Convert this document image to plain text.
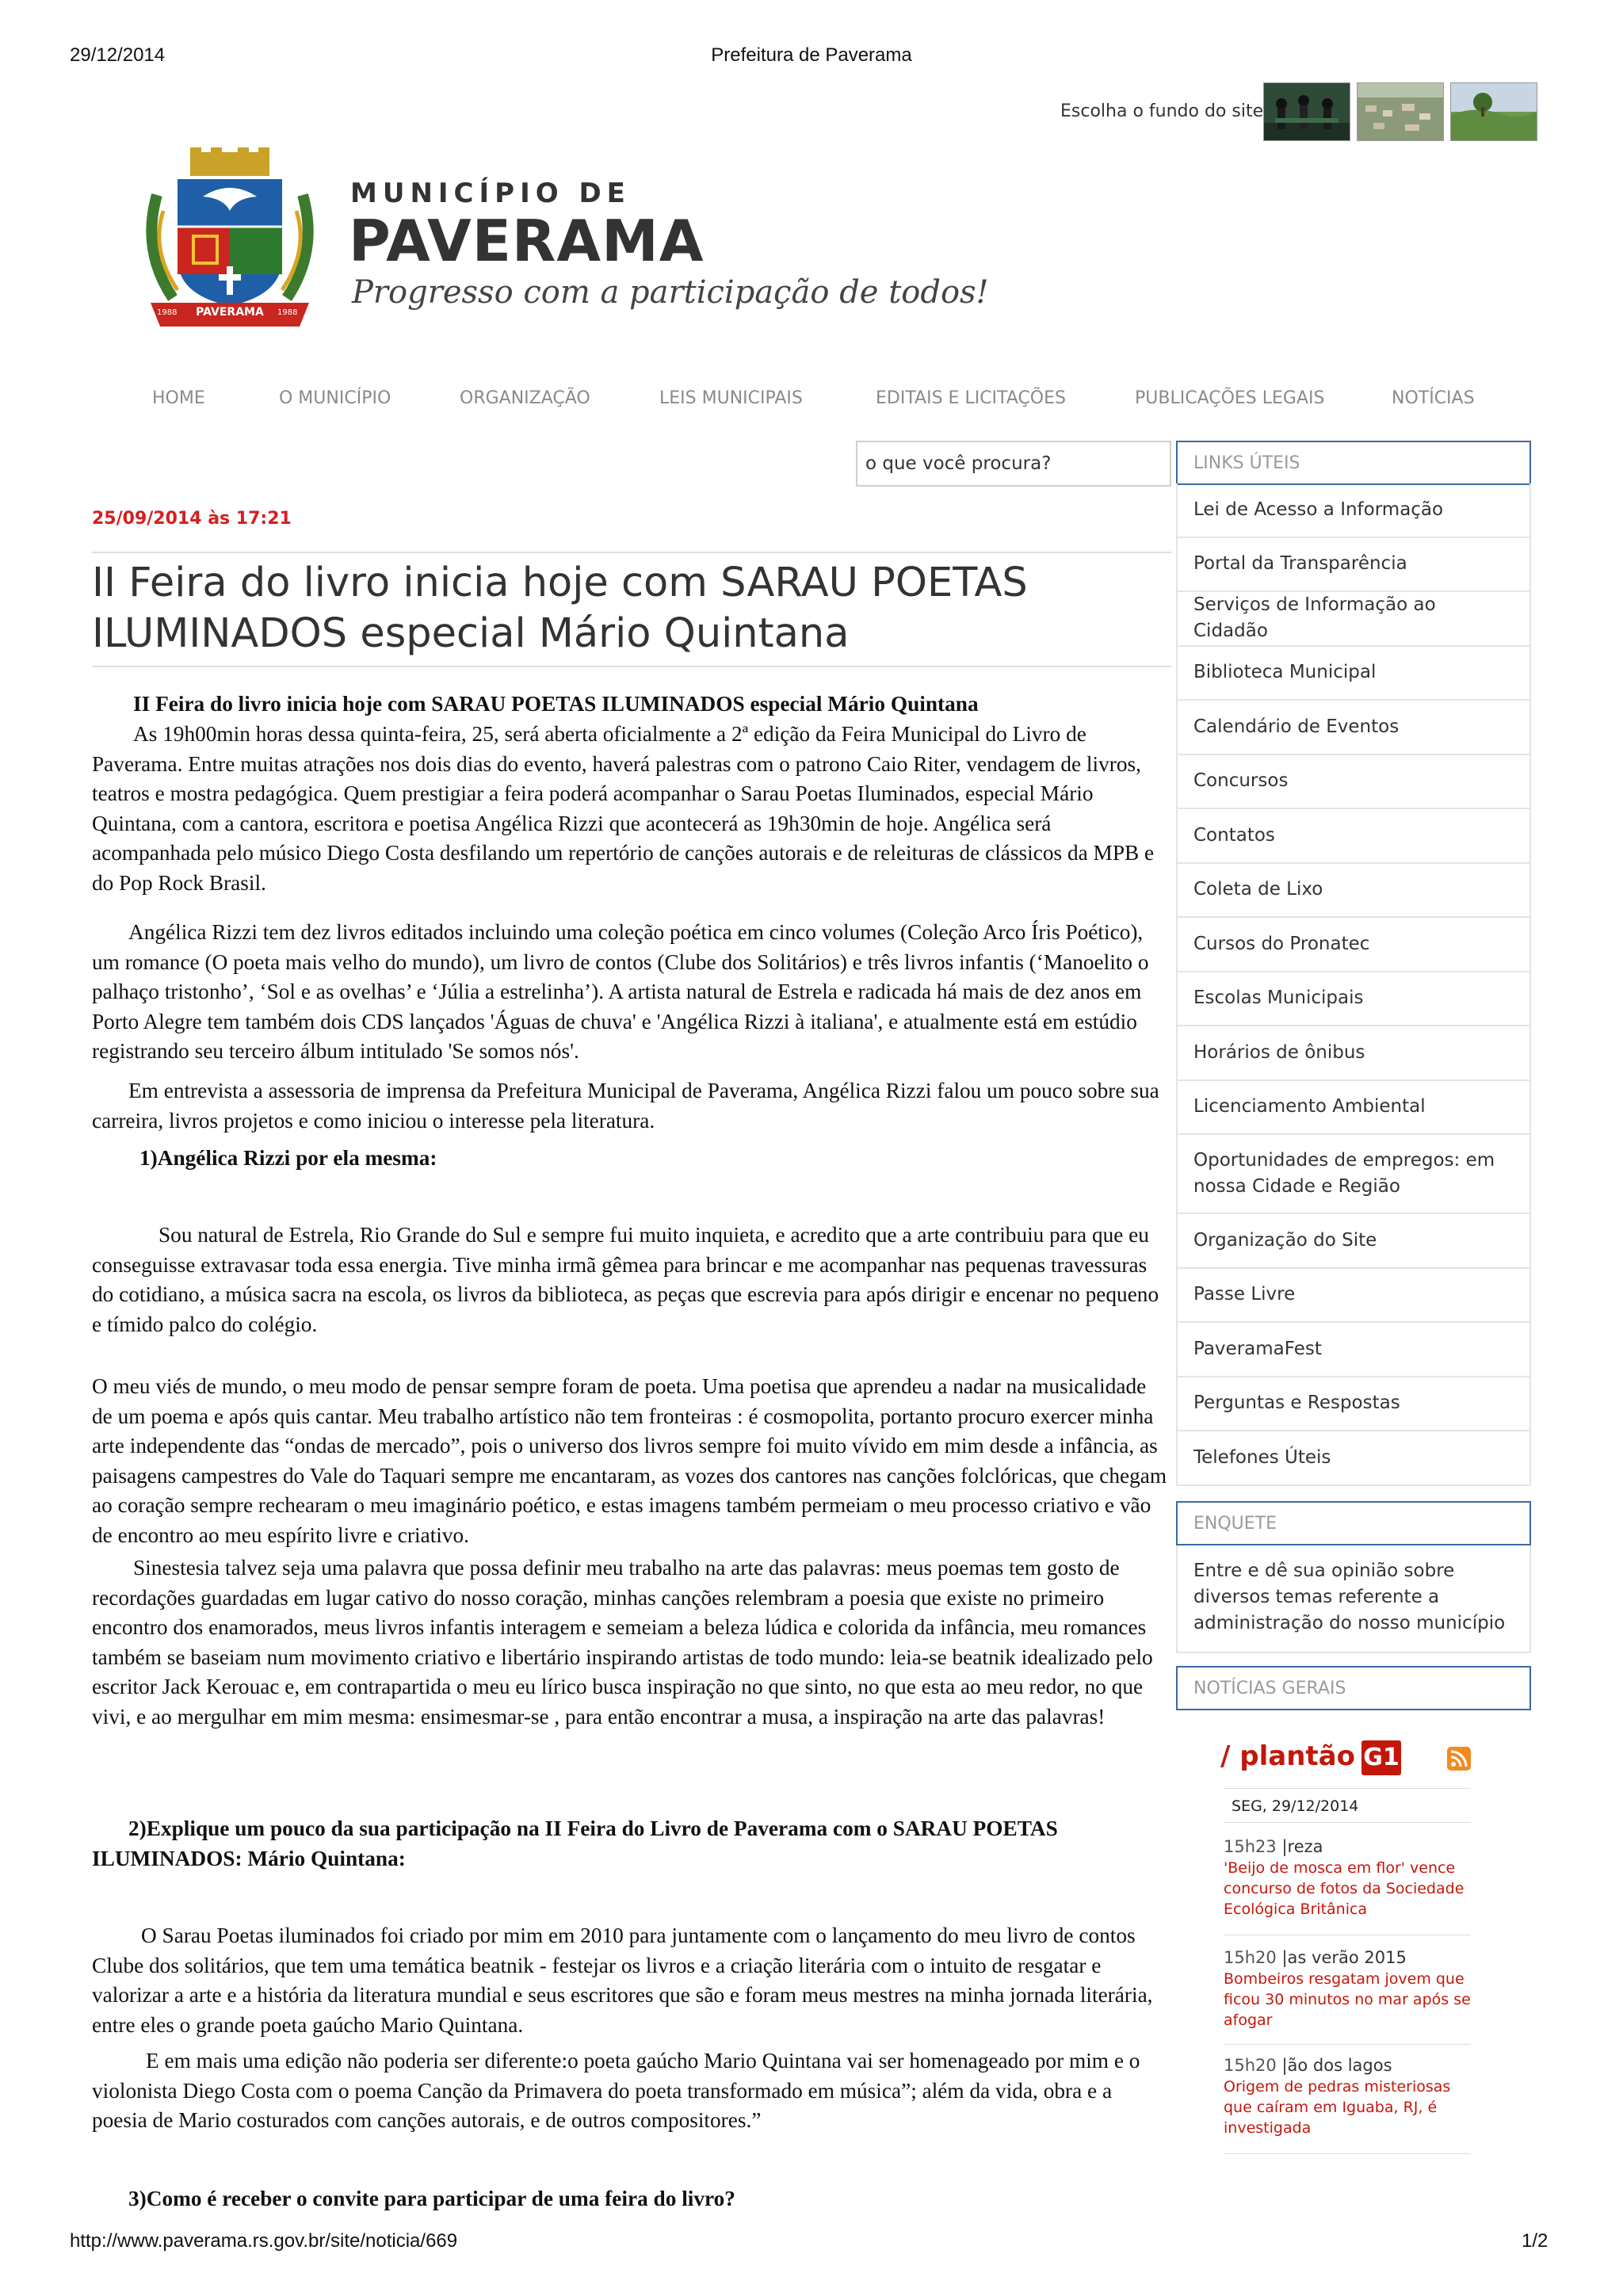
29/12/2014	Prefeitura de Paverama
Escolha o fundo do site
PAVERAMA
1988	1988
MUNICÍPIO DE
PAVERAMA
Progresso com a participação de todos!
HOME	O MUNICÍPIO	ORGANIZAÇÃO	LEIS MUNICIPAIS	EDITAIS E LICITAÇÕES	PUBLICAÇÕES LEGAIS	NOTÍCIAS
o que você procura?
25/09/2014 às 17:21
II Feira do livro inicia hoje com SARAU POETAS ILUMINADOS especial Mário Quintana
II Feira do livro inicia hoje com SARAU POETAS ILUMINADOS especial Mário Quintana
As 19h00min horas dessa quinta-feira, 25, será aberta oficialmente a 2ª edição da Feira Municipal do Livro de Paverama. Entre muitas atrações nos dois dias do evento, haverá palestras com o patrono Caio Riter, vendagem de livros, teatros e mostra pedagógica. Quem prestigiar a feira poderá acompanhar o Sarau Poetas Iluminados, especial Mário Quintana, com a cantora, escritora e poetisa Angélica Rizzi que acontecerá as 19h30min de hoje. Angélica será acompanhada pelo músico Diego Costa desfilando um repertório de canções autorais e de releituras de clássicos da MPB e do Pop Rock Brasil.
Angélica Rizzi tem dez livros editados incluindo uma coleção poética em cinco volumes (Coleção Arco Íris Poético), um romance (O poeta mais velho do mundo), um livro de contos (Clube dos Solitários) e três livros infantis (‘Manoelito o palhaço tristonho’, ‘Sol e as ovelhas’ e ‘Júlia a estrelinha’). A artista natural de Estrela e radicada há mais de dez anos em Porto Alegre tem também dois CDS lançados 'Águas de chuva' e 'Angélica Rizzi à italiana', e atualmente está em estúdio registrando seu terceiro álbum intitulado 'Se somos nós'.
Em entrevista a assessoria de imprensa da Prefeitura Municipal de Paverama, Angélica Rizzi falou um pouco sobre sua carreira, livros projetos e como iniciou o interesse pela literatura.
1)Angélica Rizzi por ela mesma:
Sou natural de Estrela, Rio Grande do Sul e sempre fui muito inquieta, e acredito que a arte contribuiu para que eu conseguisse extravasar toda essa energia. Tive minha irmã gêmea para brincar e me acompanhar nas pequenas travessuras do cotidiano, a música sacra na escola, os livros da biblioteca, as peças que escrevia para após dirigir e encenar no pequeno e tímido palco do colégio.
O meu viés de mundo, o meu modo de pensar sempre foram de poeta. Uma poetisa que aprendeu a nadar na musicalidade de um poema e após quis cantar. Meu trabalho artístico não tem fronteiras : é cosmopolita, portanto procuro exercer minha arte independente das “ondas de mercado”, pois o universo dos livros sempre foi muito vívido em mim desde a infância, as paisagens campestres do Vale do Taquari sempre me encantaram, as vozes dos cantores nas canções folclóricas, que chegam ao coração sempre rechearam o meu imaginário poético, e estas imagens também permeiam o meu processo criativo e vão de encontro ao meu espírito livre e criativo.
Sinestesia talvez seja uma palavra que possa definir meu trabalho na arte das palavras: meus poemas tem gosto de recordações guardadas em lugar cativo do nosso coração, minhas canções relembram a poesia que existe no primeiro encontro dos enamorados, meus livros infantis interagem e semeiam a beleza lúdica e colorida da infância, meu romances também se baseiam num movimento criativo e libertário inspirando artistas de todo mundo: leia-se beatnik idealizado pelo escritor Jack Kerouac e, em contrapartida o meu eu lírico busca inspiração no que sinto, no que esta ao meu redor, no que vivi, e ao mergulhar em mim mesma: ensimesmar-se , para então encontrar a musa, a inspiração na arte das palavras!
2)Explique um pouco da sua participação na II Feira do Livro de Paverama com o SARAU POETAS ILUMINADOS: Mário Quintana:
O Sarau Poetas iluminados foi criado por mim em 2010 para juntamente com o lançamento do meu livro de contos Clube dos solitários, que tem uma temática beatnik - festejar os livros e a criação literária com o intuito de resgatar e valorizar a arte e a história da literatura mundial e seus escritores que são e foram meus mestres na minha jornada literária, entre eles o grande poeta gaúcho Mario Quintana.
E em mais uma edição não poderia ser diferente:o poeta gaúcho Mario Quintana vai ser homenageado por mim e o violonista Diego Costa com o poema Canção da Primavera do poeta transformado em música”; além da vida, obra e a poesia de Mario costurados com canções autorais, e de outros compositores.”
3)Como é receber o convite para participar de uma feira do livro?
LINKS ÚTEIS
Lei de Acesso a Informação
Portal da Transparência
Serviços de Informação ao Cidadão
Biblioteca Municipal
Calendário de Eventos
Concursos
Contatos
Coleta de Lixo
Cursos do Pronatec
Escolas Municipais
Horários de ônibus
Licenciamento Ambiental
Oportunidades de empregos: em nossa Cidade e Região
Organização do Site
Passe Livre
PaveramaFest
Perguntas e Respostas
Telefones Úteis
ENQUETE
Entre e dê sua opinião sobre diversos temas referente a administração do nosso município
NOTÍCIAS GERAIS
/ plantão G1
SEG, 29/12/2014
15h23 |reza
'Beijo de mosca em flor' vence concurso de fotos da Sociedade Ecológica Britânica
15h20 |as verão 2015
Bombeiros resgatam jovem que ficou 30 minutos no mar após se afogar
15h20 |ão dos lagos
Origem de pedras misteriosas que caíram em Iguaba, RJ, é investigada
http://www.paverama.rs.gov.br/site/noticia/669	1/2
